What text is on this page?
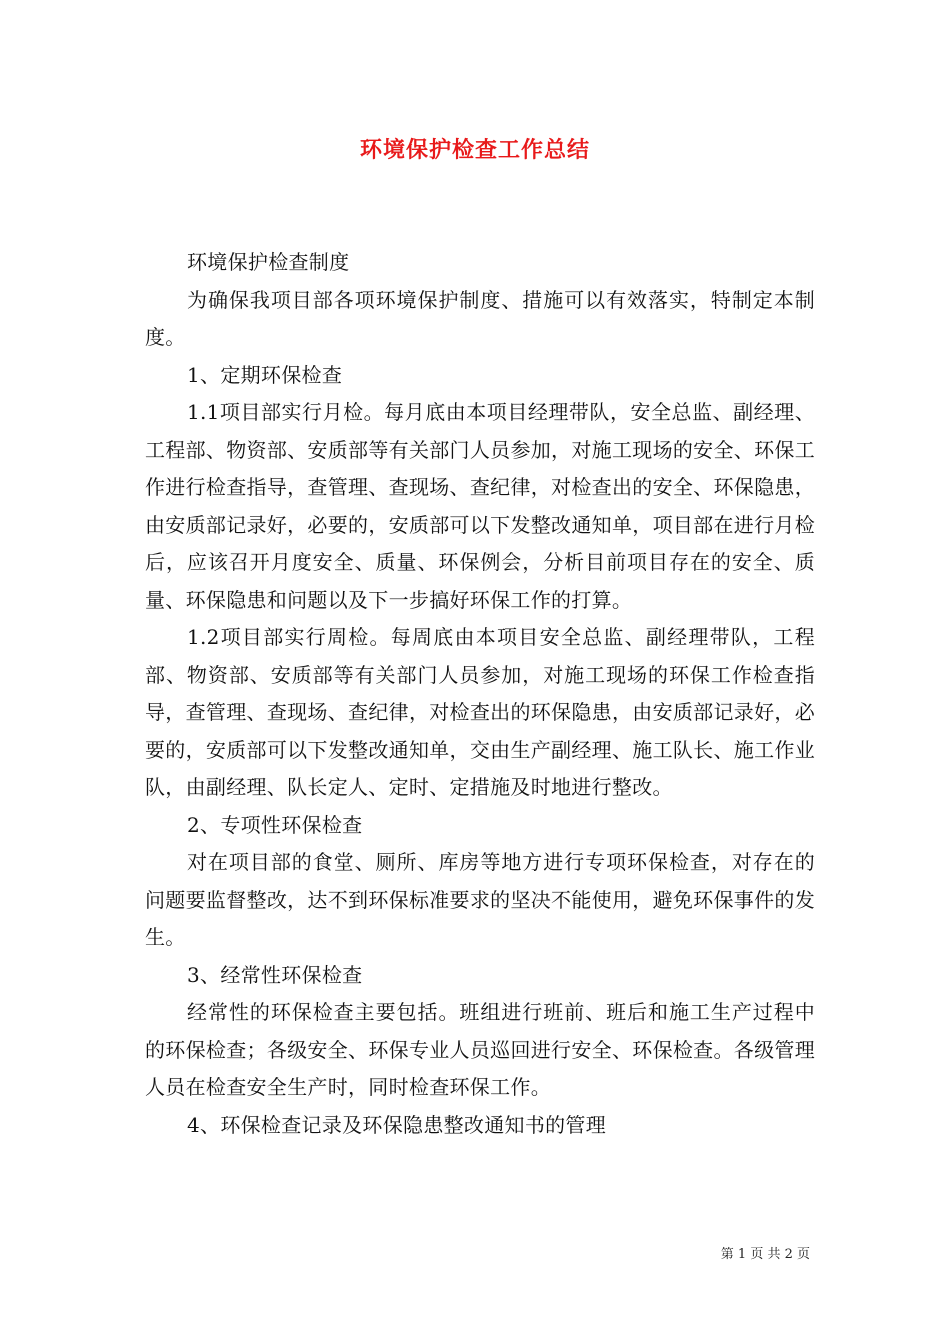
环境保护检查工作总结

环境保护检查制度

为确保我项目部各项环境保护制度、措施可以有效落实，特制定本制度。

1、定期环保检查

1.1项目部实行月检。每月底由本项目经理带队，安全总监、副经理、工程部、物资部、安质部等有关部门人员参加，对施工现场的安全、环保工作进行检查指导，查管理、查现场、查纪律，对检查出的安全、环保隐患，由安质部记录好，必要的，安质部可以下发整改通知单，项目部在进行月检后，应该召开月度安全、质量、环保例会，分析目前项目存在的安全、质量、环保隐患和问题以及下一步搞好环保工作的打算。

1.2项目部实行周检。每周底由本项目安全总监、副经理带队，工程部、物资部、安质部等有关部门人员参加，对施工现场的环保工作检查指导，查管理、查现场、查纪律，对检查出的环保隐患，由安质部记录好，必要的，安质部可以下发整改通知单，交由生产副经理、施工队长、施工作业队，由副经理、队长定人、定时、定措施及时地进行整改。

2、专项性环保检查

对在项目部的食堂、厕所、库房等地方进行专项环保检查，对存在的问题要监督整改，达不到环保标准要求的坚决不能使用，避免环保事件的发生。

3、经常性环保检查

经常性的环保检查主要包括。班组进行班前、班后和施工生产过程中的环保检查；各级安全、环保专业人员巡回进行安全、环保检查。各级管理人员在检查安全生产时，同时检查环保工作。

4、环保检查记录及环保隐患整改通知书的管理

第 1 页 共 2 页
